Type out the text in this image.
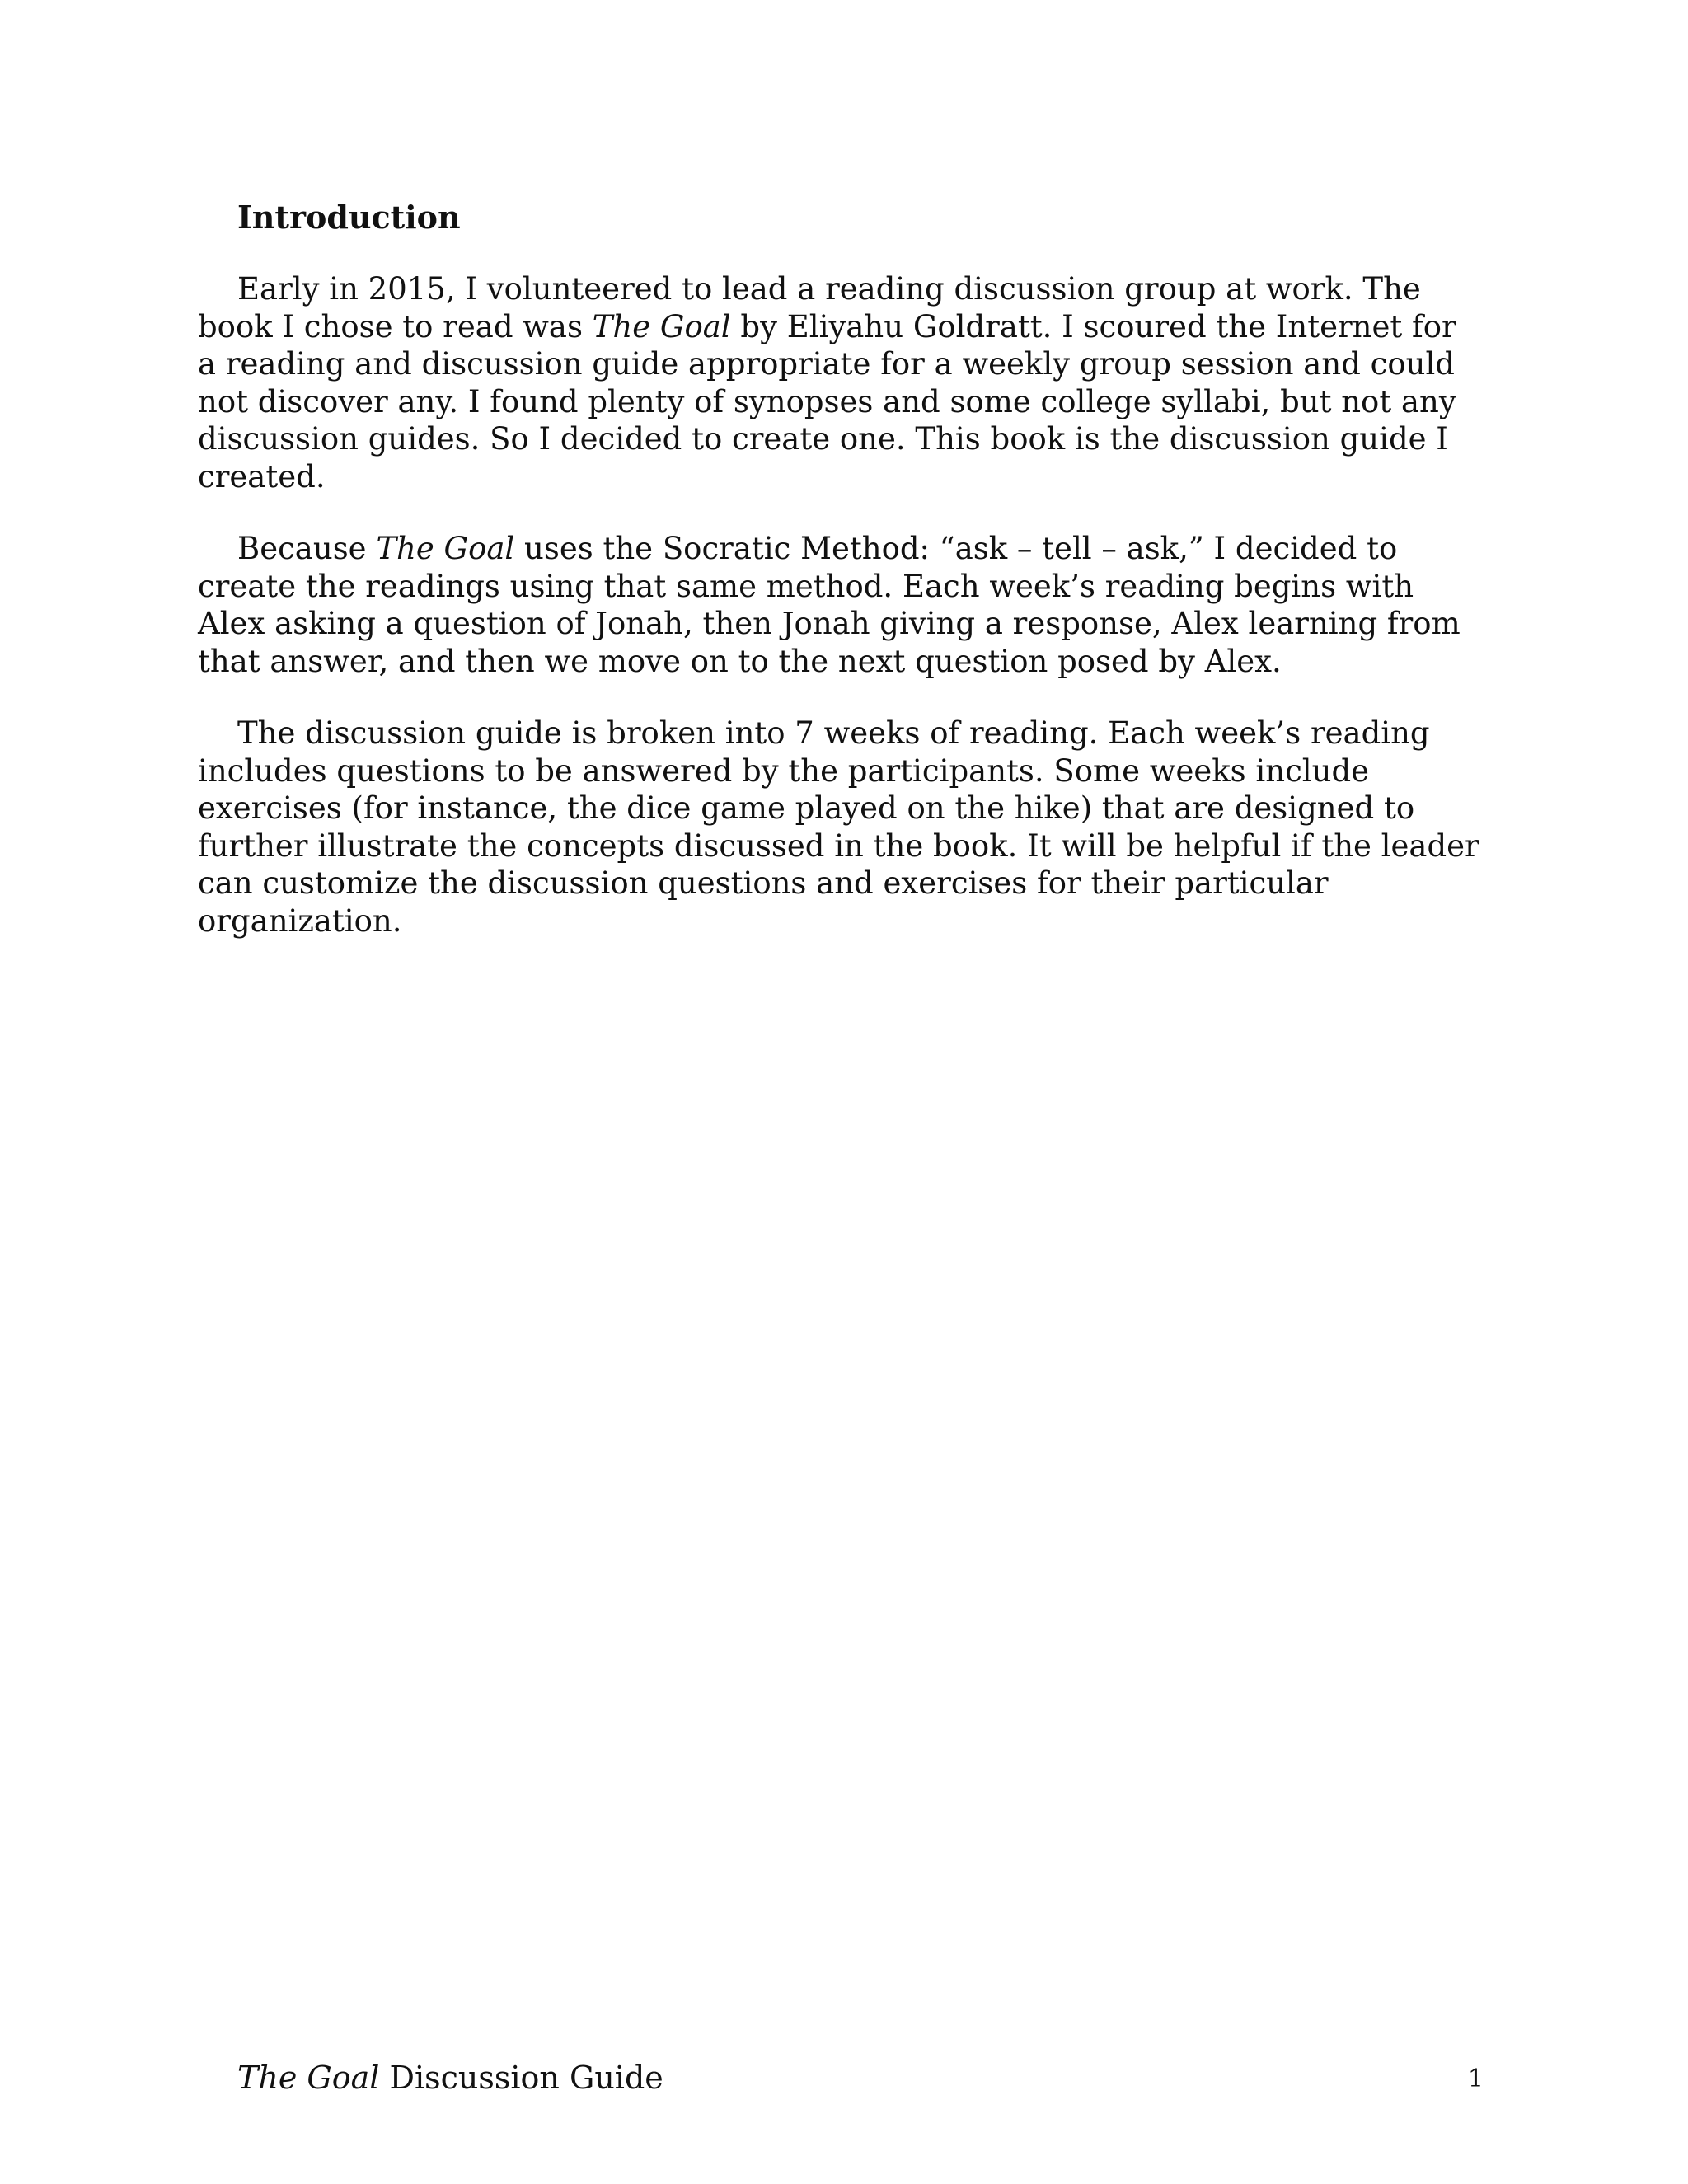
Introduction

Early in 2015, I volunteered to lead a reading discussion group at work. The book I chose to read was The Goal by Eliyahu Goldratt. I scoured the Internet for a reading and discussion guide appropriate for a weekly group session and could not discover any. I found plenty of synopses and some college syllabi, but not any discussion guides. So I decided to create one. This book is the discussion guide I created.

Because The Goal uses the Socratic Method: “ask – tell – ask,” I decided to create the readings using that same method. Each week’s reading begins with Alex asking a question of Jonah, then Jonah giving a response, Alex learning from that answer, and then we move on to the next question posed by Alex.

The discussion guide is broken into 7 weeks of reading. Each week’s reading includes questions to be answered by the participants. Some weeks include exercises (for instance, the dice game played on the hike) that are designed to further illustrate the concepts discussed in the book. It will be helpful if the leader can customize the discussion questions and exercises for their particular organization.

The Goal Discussion Guide	1
